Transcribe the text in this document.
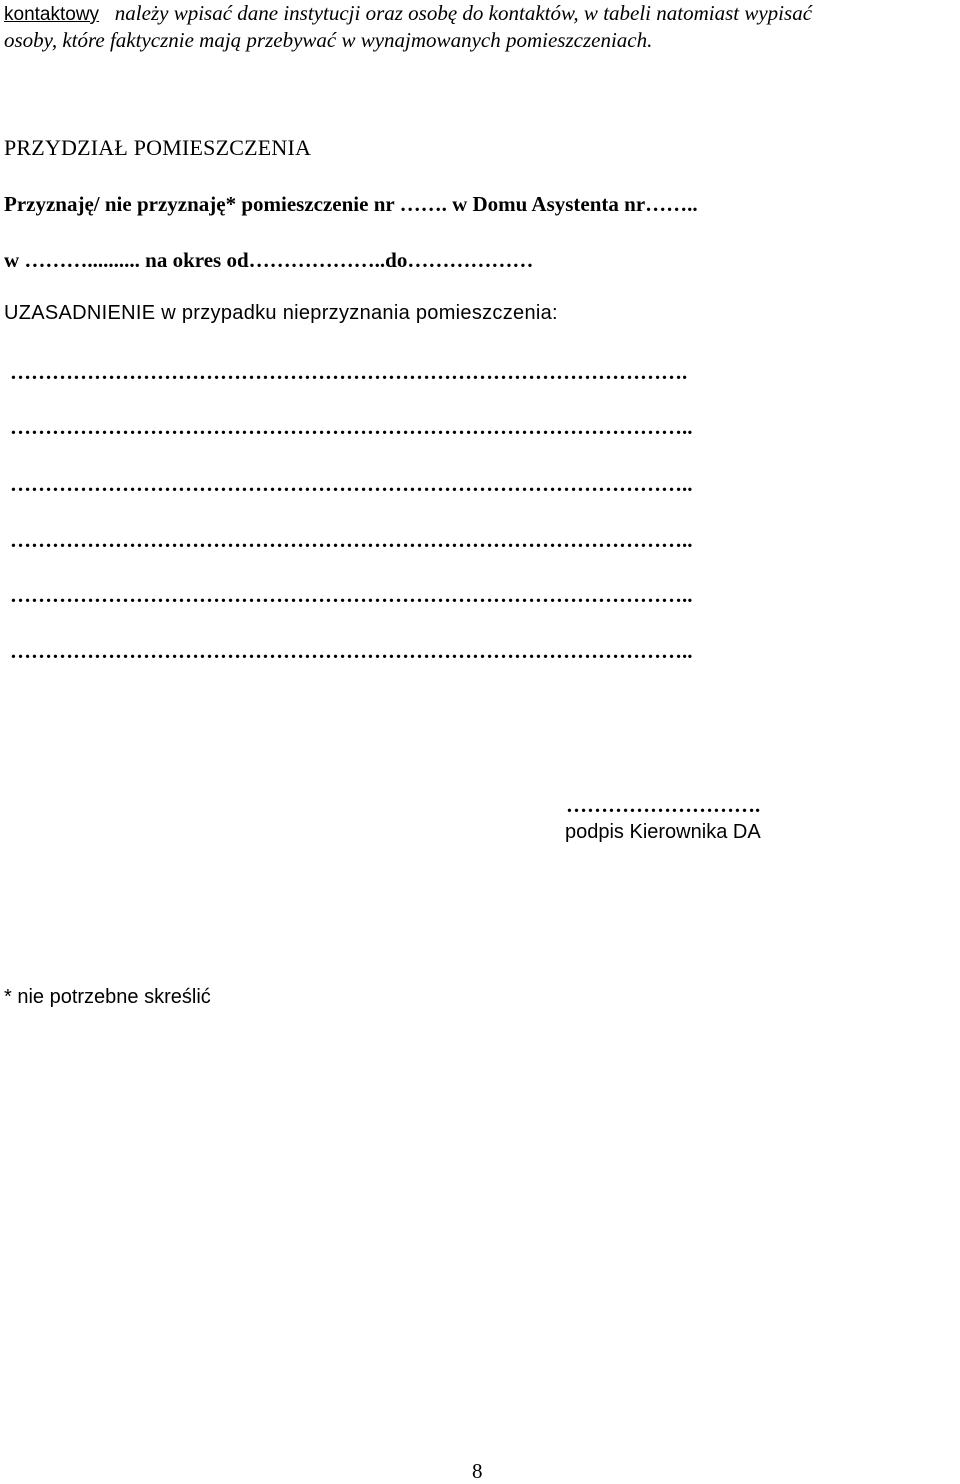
kontaktowy należy wpisać dane instytucji oraz osobę do kontaktów, w tabeli natomiast wypisać
osoby, które faktycznie mają przebywać w wynajmowanych pomieszczeniach.
PRZYDZIAŁ POMIESZCZENIA
Przyznaję/ nie przyznaję* pomieszczenie nr ……. w Domu Asystenta nr……..
w ……….......... na okres od………………..do………………
UZASADNIENIE w przypadku nieprzyznania pomieszczenia:
…………………………………………………………………………………….
……………………………………………………………………………………..
……………………………………………………………………………………..
……………………………………………………………………………………..
……………………………………………………………………………………..
……………………………………………………………………………………..
……………………….
podpis Kierownika DA
* nie potrzebne skreślić
8
